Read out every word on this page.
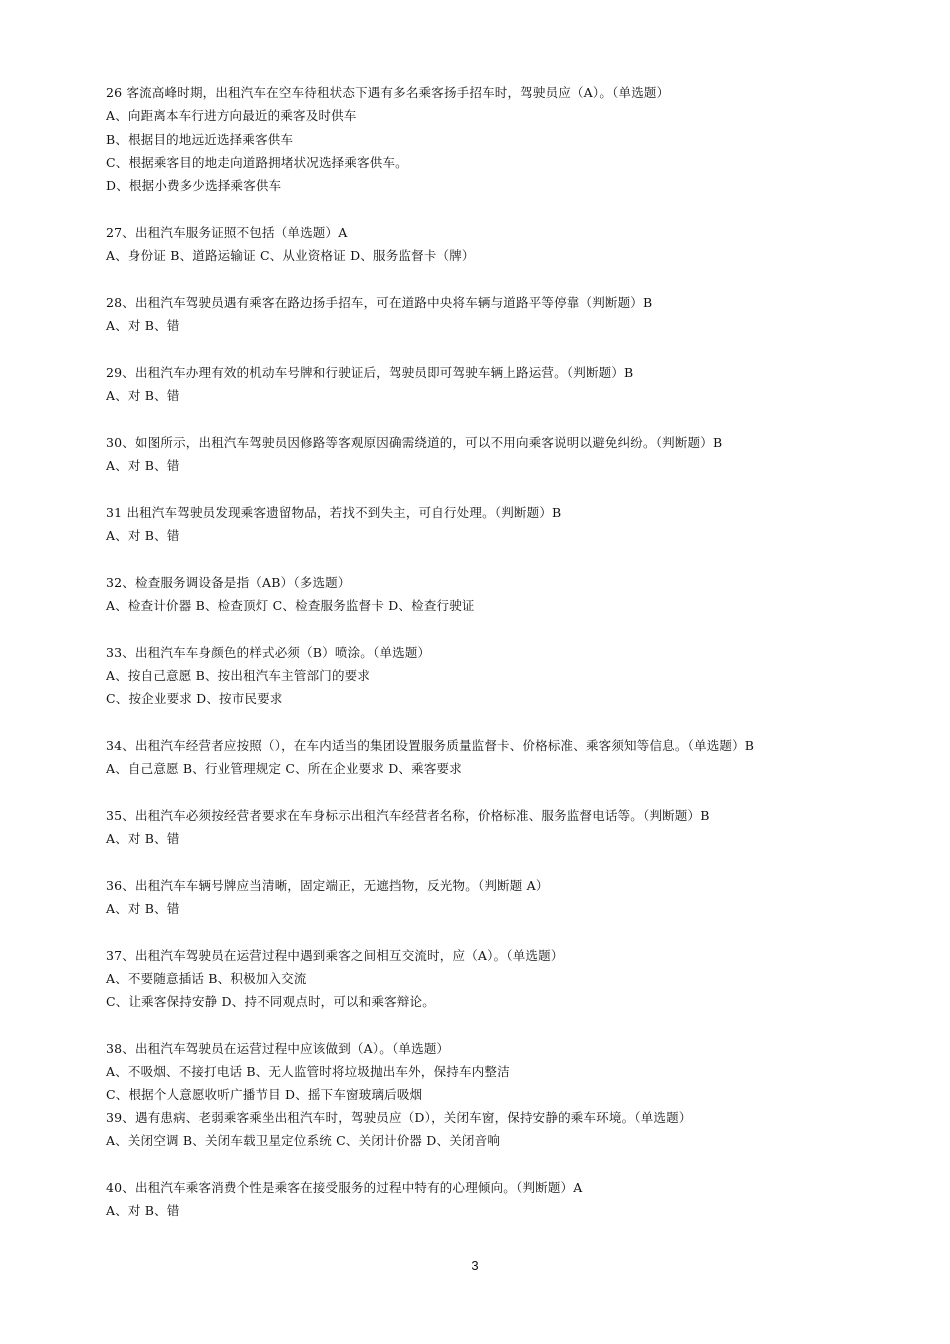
26 客流高峰时期，出租汽车在空车待租状态下遇有多名乘客扬手招车时，驾驶员应（A）。（单选题）
A、向距离本车行进方向最近的乘客及时供车
B、根据目的地远近选择乘客供车
C、根据乘客目的地走向道路拥堵状况选择乘客供车。
D、根据小费多少选择乘客供车
27、出租汽车服务证照不包括（单选题）A
A、身份证 B、道路运输证 C、从业资格证 D、服务监督卡（牌）
28、出租汽车驾驶员遇有乘客在路边扬手招车，可在道路中央将车辆与道路平等停靠（判断题）B
A、对 B、错
29、出租汽车办理有效的机动车号牌和行驶证后，驾驶员即可驾驶车辆上路运营。（判断题）B
A、对 B、错
30、如图所示，出租汽车驾驶员因修路等客观原因确需绕道的，可以不用向乘客说明以避免纠纷。（判断题）B
A、对 B、错
31 出租汽车驾驶员发现乘客遗留物品，若找不到失主，可自行处理。（判断题）B
A、对 B、错
32、检查服务调设备是指（AB）（多选题）
A、检查计价器 B、检查顶灯 C、检查服务监督卡 D、检查行驶证
33、出租汽车车身颜色的样式必须（B）喷涂。（单选题）
A、按自己意愿 B、按出租汽车主管部门的要求
C、按企业要求 D、按市民要求
34、出租汽车经营者应按照（），在车内适当的集团设置服务质量监督卡、价格标准、乘客须知等信息。（单选题）B
A、自己意愿 B、行业管理规定 C、所在企业要求 D、乘客要求
35、出租汽车必须按经营者要求在车身标示出租汽车经营者名称，价格标准、服务监督电话等。（判断题）B
A、对 B、错
36、出租汽车车辆号牌应当清晰，固定端正，无遮挡物，反光物。（判断题 A）
A、对 B、错
37、出租汽车驾驶员在运营过程中遇到乘客之间相互交流时，应（A）。（单选题）
A、不要随意插话 B、积极加入交流
C、让乘客保持安静 D、持不同观点时，可以和乘客辩论。
38、出租汽车驾驶员在运营过程中应该做到（A）。（单选题）
A、不吸烟、不接打电话 B、无人监管时将垃圾抛出车外，保持车内整洁
C、根据个人意愿收听广播节目 D、摇下车窗玻璃后吸烟
39、遇有患病、老弱乘客乘坐出租汽车时，驾驶员应（D），关闭车窗，保持安静的乘车环境。（单选题）
A、关闭空调 B、关闭车载卫星定位系统 C、关闭计价器 D、关闭音响
40、出租汽车乘客消费个性是乘客在接受服务的过程中特有的心理倾向。（判断题）A
A、对 B、错
3
